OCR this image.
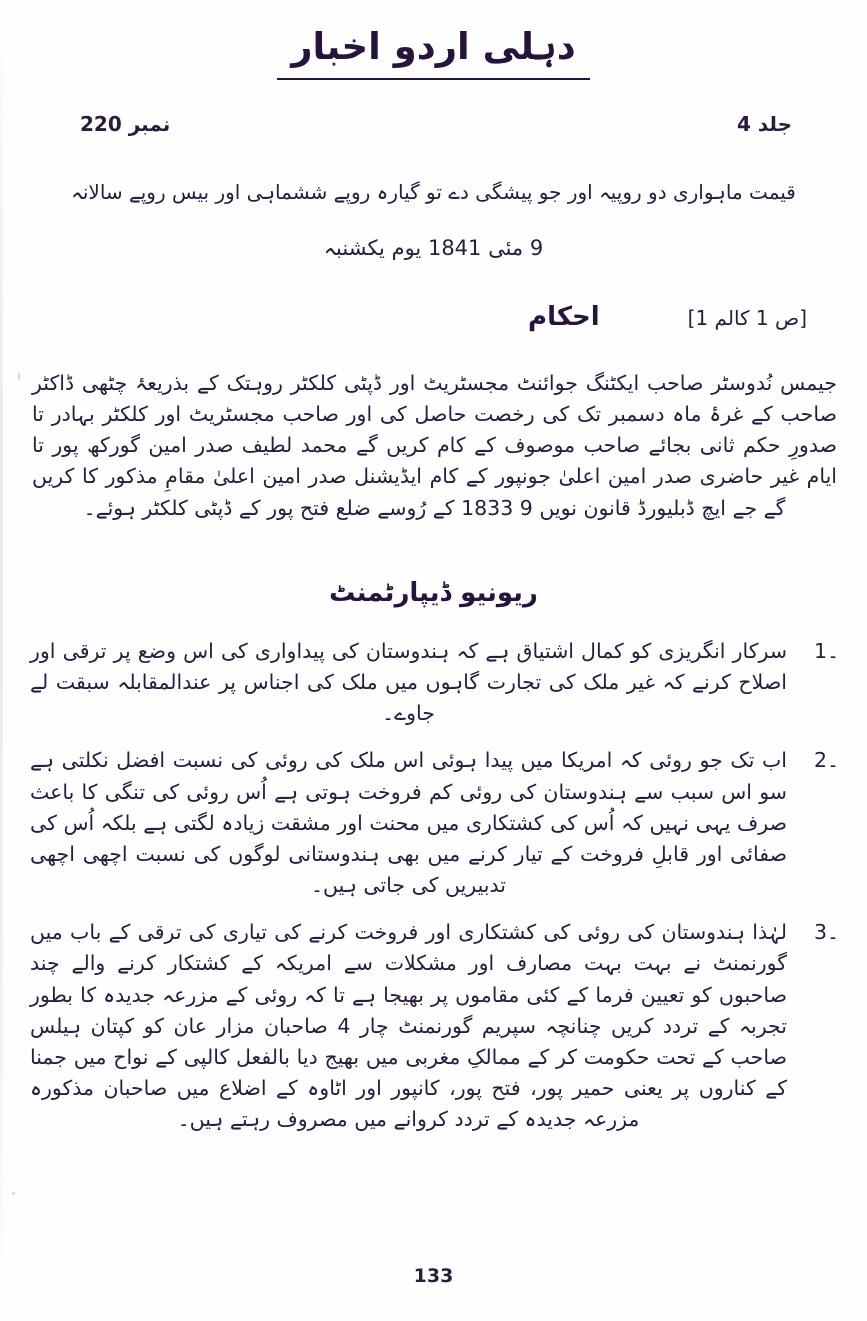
دہلی اردو اخبار
نمبر 220	جلد 4
قیمت ماہواری دو روپیہ اور جو پیشگی دے تو گیارہ روپے ششماہی اور بیس روپے سالانہ
9 مئی 1841 یوم یکشنبہ
[ص 1 کالم 1]
احکام
جیمس نُدوسٹر صاحب ایکٹنگ جوائنٹ مجسٹریٹ اور ڈپٹی کلکٹر روہتک کے بذریعۂ چٹھی ڈاکٹر صاحب کے غرۂ ماہ دسمبر تک کی رخصت حاصل کی اور صاحب مجسٹریٹ اور کلکٹر بہادر تا صدورِ حکم ثانی بجائے صاحب موصوف کے کام کریں گے محمد لطیف صدر امین گورکھ پور تا ایام غیر حاضری صدر امین اعلیٰ جونپور کے کام ایڈیشنل صدر امین اعلیٰ مقامِ مذکور کا کریں گے جے ایچ ڈبلیورڈ قانون نویں 9 1833 کے رُوسے ضلع فتح پور کے ڈپٹی کلکٹر ہوئے۔
ریونیو ڈیپارٹمنٹ
1۔
سرکار انگریزی کو کمال اشتیاق ہے کہ ہندوستان کی پیداواری کی اس وضع پر ترقی اور اصلاح کرنے کہ غیر ملک کی تجارت گاہوں میں ملک کی اجناس پر عندالمقابلہ سبقت لے جاوے۔
2۔
اب تک جو روئی کہ امریکا میں پیدا ہوئی اس ملک کی روئی کی نسبت افضل نکلتی ہے سو اس سبب سے ہندوستان کی روئی کم فروخت ہوتی ہے اُس روئی کی تنگی کا باعث صرف یہی نہیں کہ اُس کی کشتکاری میں محنت اور مشقت زیادہ لگتی ہے بلکہ اُس کی صفائی اور قابلِ فروخت کے تیار کرنے میں بھی ہندوستانی لوگوں کی نسبت اچھی اچھی تدبیریں کی جاتی ہیں۔
3۔
لہٰذا ہندوستان کی روئی کی کشتکاری اور فروخت کرنے کی تیاری کی ترقی کے باب میں گورنمنٹ نے بہت بہت مصارف اور مشکلات سے امریکہ کے کشتکار کرنے والے چند صاحبوں کو تعیین فرما کے کئی مقاموں پر بھیجا ہے تا کہ روئی کے مزرعہ جدیدہ کا بطور تجربہ کے تردد کریں چنانچہ سپریم گورنمنٹ چار 4 صاحبان مزار عان کو کپتان ہیلس صاحب کے تحت حکومت کر کے ممالکِ مغربی میں بھیج دیا بالفعل کالپی کے نواح میں جمنا کے کناروں پر یعنی حمیر پور، فتح پور، کانپور اور اٹاوہ کے اضلاع میں صاحبان مذکورہ مزرعہ جدیدہ کے تردد کروانے میں مصروف رہتے ہیں۔
133
